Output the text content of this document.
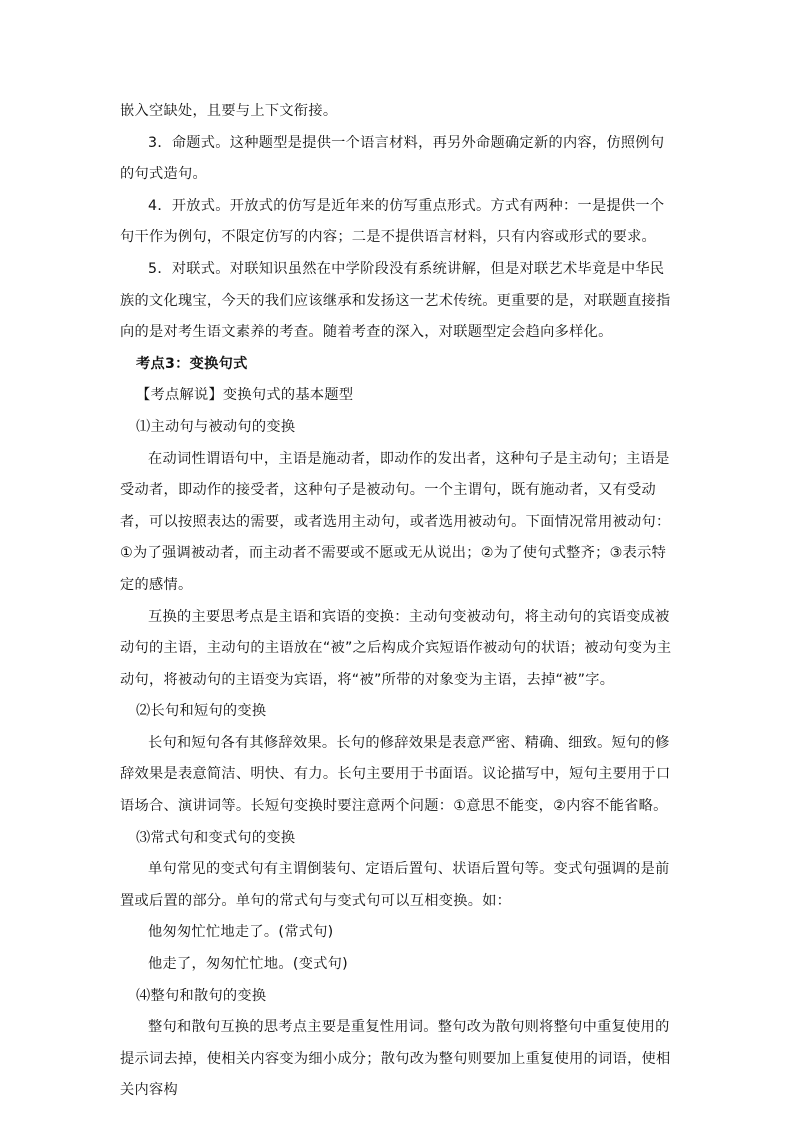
嵌入空缺处，且要与上下文衔接。

3．命题式。这种题型是提供一个语言材料，再另外命题确定新的内容，仿照例句的句式造句。

4．开放式。开放式的仿写是近年来的仿写重点形式。方式有两种：一是提供一个句干作为例句，不限定仿写的内容；二是不提供语言材料，只有内容或形式的要求。

5．对联式。对联知识虽然在中学阶段没有系统讲解，但是对联艺术毕竟是中华民族的文化瑰宝，今天的我们应该继承和发扬这一艺术传统。更重要的是，对联题直接指向的是对考生语文素养的考查。随着考查的深入，对联题型定会趋向多样化。

考点3：变换句式

【考点解说】变换句式的基本题型

⑴主动句与被动句的变换

在动词性谓语句中，主语是施动者，即动作的发出者，这种句子是主动句；主语是受动者，即动作的接受者，这种句子是被动句。一个主谓句，既有施动者，又有受动者，可以按照表达的需要，或者选用主动句，或者选用被动句。下面情况常用被动句：①为了强调被动者，而主动者不需要或不愿或无从说出；②为了使句式整齐；③表示特定的感情。

互换的主要思考点是主语和宾语的变换：主动句变被动句，将主动句的宾语变成被动句的主语，主动句的主语放在“被”之后构成介宾短语作被动句的状语；被动句变为主动句，将被动句的主语变为宾语，将“被”所带的对象变为主语，去掉“被”字。

⑵长句和短句的变换

长句和短句各有其修辞效果。长句的修辞效果是表意严密、精确、细致。短句的修辞效果是表意简洁、明快、有力。长句主要用于书面语。议论描写中，短句主要用于口语场合、演讲词等。长短句变换时要注意两个问题：①意思不能变，②内容不能省略。

⑶常式句和变式句的变换

单句常见的变式句有主谓倒装句、定语后置句、状语后置句等。变式句强调的是前置或后置的部分。单句的常式句与变式句可以互相变换。如：

他匆匆忙忙地走了。(常式句)

他走了，匆匆忙忙地。(变式句)

⑷整句和散句的变换

整句和散句互换的思考点主要是重复性用词。整句改为散句则将整句中重复使用的提示词去掉，使相关内容变为细小成分；散句改为整句则要加上重复使用的词语，使相关内容构
